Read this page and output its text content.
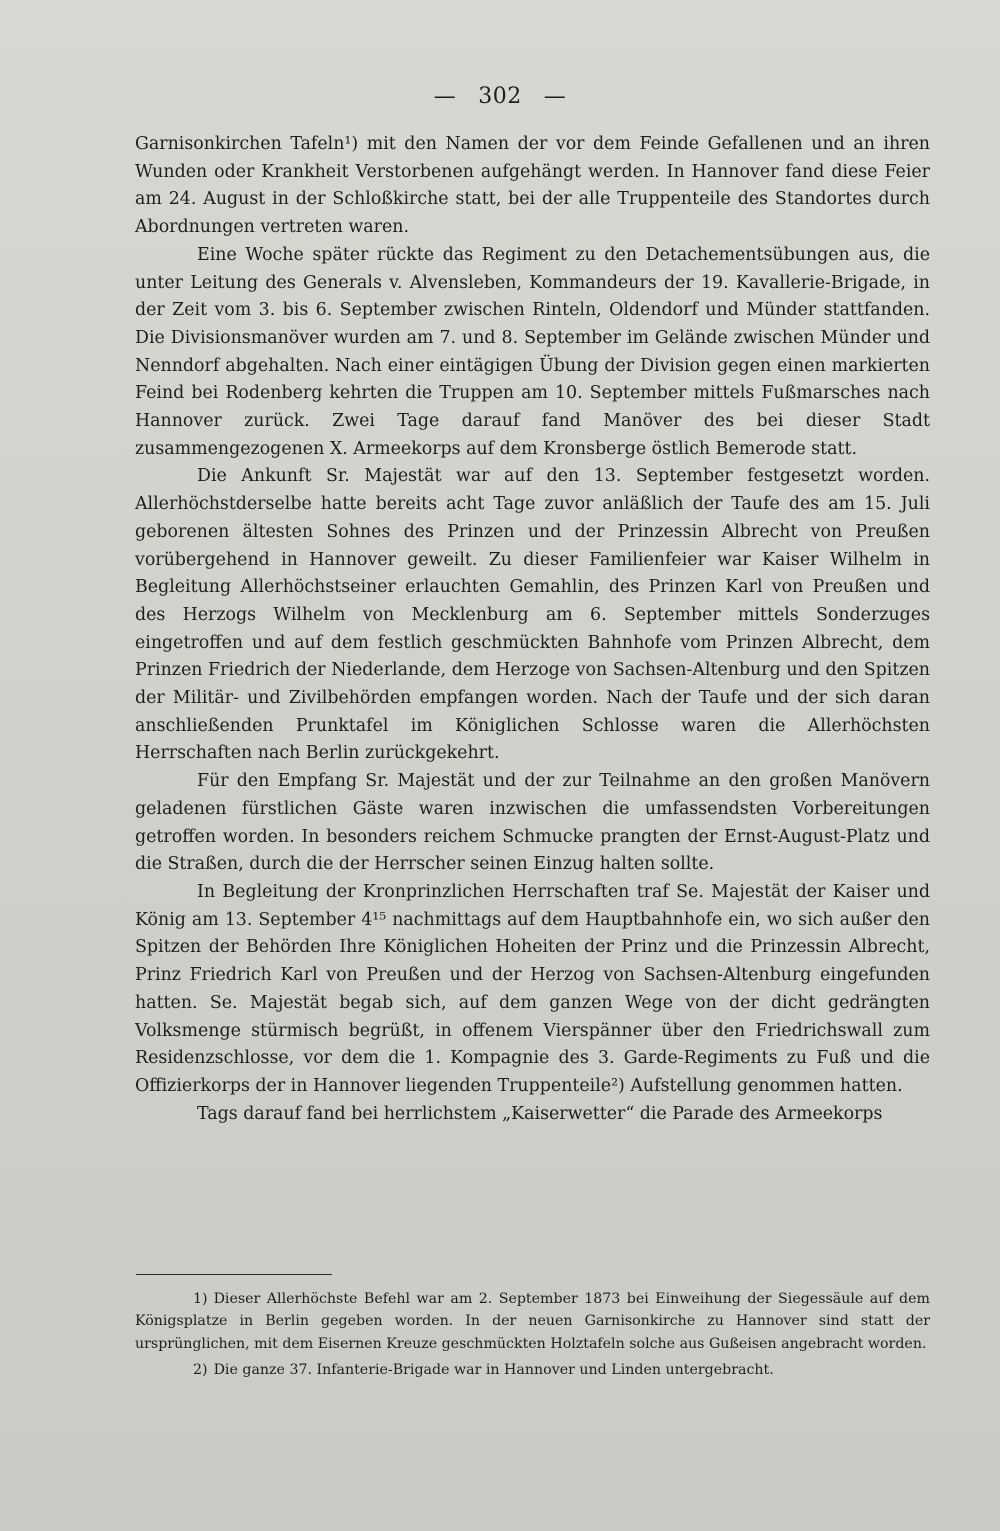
— 302 —

Garnisonkirchen Tafeln¹) mit den Namen der vor dem Feinde Gefallenen und an ihren Wunden oder Krankheit Verstorbenen aufgehängt werden. In Hannover fand diese Feier am 24. August in der Schloßkirche statt, bei der alle Truppenteile des Standortes durch Abordnungen vertreten waren.

Eine Woche später rückte das Regiment zu den Detachementsübungen aus, die unter Leitung des Generals v. Alvensleben, Kommandeurs der 19. Kavallerie-Brigade, in der Zeit vom 3. bis 6. September zwischen Rinteln, Oldendorf und Münder stattfanden. Die Divisionsmanöver wurden am 7. und 8. September im Gelände zwischen Münder und Nenndorf abgehalten. Nach einer eintägigen Übung der Division gegen einen markierten Feind bei Rodenberg kehrten die Truppen am 10. September mittels Fußmarsches nach Hannover zurück. Zwei Tage darauf fand Manöver des bei dieser Stadt zusammengezogenen X. Armeekorps auf dem Kronsberge östlich Bemerode statt.

Die Ankunft Sr. Majestät war auf den 13. September festgesetzt worden. Allerhöchstderselbe hatte bereits acht Tage zuvor anläßlich der Taufe des am 15. Juli geborenen ältesten Sohnes des Prinzen und der Prinzessin Albrecht von Preußen vorübergehend in Hannover geweilt. Zu dieser Familienfeier war Kaiser Wilhelm in Begleitung Allerhöchstseiner erlauchten Gemahlin, des Prinzen Karl von Preußen und des Herzogs Wilhelm von Mecklenburg am 6. September mittels Sonderzuges eingetroffen und auf dem festlich geschmückten Bahnhofe vom Prinzen Albrecht, dem Prinzen Friedrich der Niederlande, dem Herzoge von Sachsen-Altenburg und den Spitzen der Militär- und Zivilbehörden empfangen worden. Nach der Taufe und der sich daran anschließenden Prunktafel im Königlichen Schlosse waren die Allerhöchsten Herrschaften nach Berlin zurückgekehrt.

Für den Empfang Sr. Majestät und der zur Teilnahme an den großen Manövern geladenen fürstlichen Gäste waren inzwischen die umfassendsten Vorbereitungen getroffen worden. In besonders reichem Schmucke prangten der Ernst-August-Platz und die Straßen, durch die der Herrscher seinen Einzug halten sollte.

In Begleitung der Kronprinzlichen Herrschaften traf Se. Majestät der Kaiser und König am 13. September 4¹⁵ nachmittags auf dem Hauptbahnhofe ein, wo sich außer den Spitzen der Behörden Ihre Königlichen Hoheiten der Prinz und die Prinzessin Albrecht, Prinz Friedrich Karl von Preußen und der Herzog von Sachsen-Altenburg eingefunden hatten. Se. Majestät begab sich, auf dem ganzen Wege von der dicht gedrängten Volksmenge stürmisch begrüßt, in offenem Vierspänner über den Friedrichswall zum Residenzschlosse, vor dem die 1. Kompagnie des 3. Garde-Regiments zu Fuß und die Offizierkorps der in Hannover liegenden Truppenteile²) Aufstellung genommen hatten.

Tags darauf fand bei herrlichstem „Kaiserwetter“ die Parade des Armeekorps

1) Dieser Allerhöchste Befehl war am 2. September 1873 bei Einweihung der Siegessäule auf dem Königsplatze in Berlin gegeben worden. In der neuen Garnisonkirche zu Hannover sind statt der ursprünglichen, mit dem Eisernen Kreuze geschmückten Holztafeln solche aus Gußeisen angebracht worden.

2) Die ganze 37. Infanterie-Brigade war in Hannover und Linden untergebracht.
